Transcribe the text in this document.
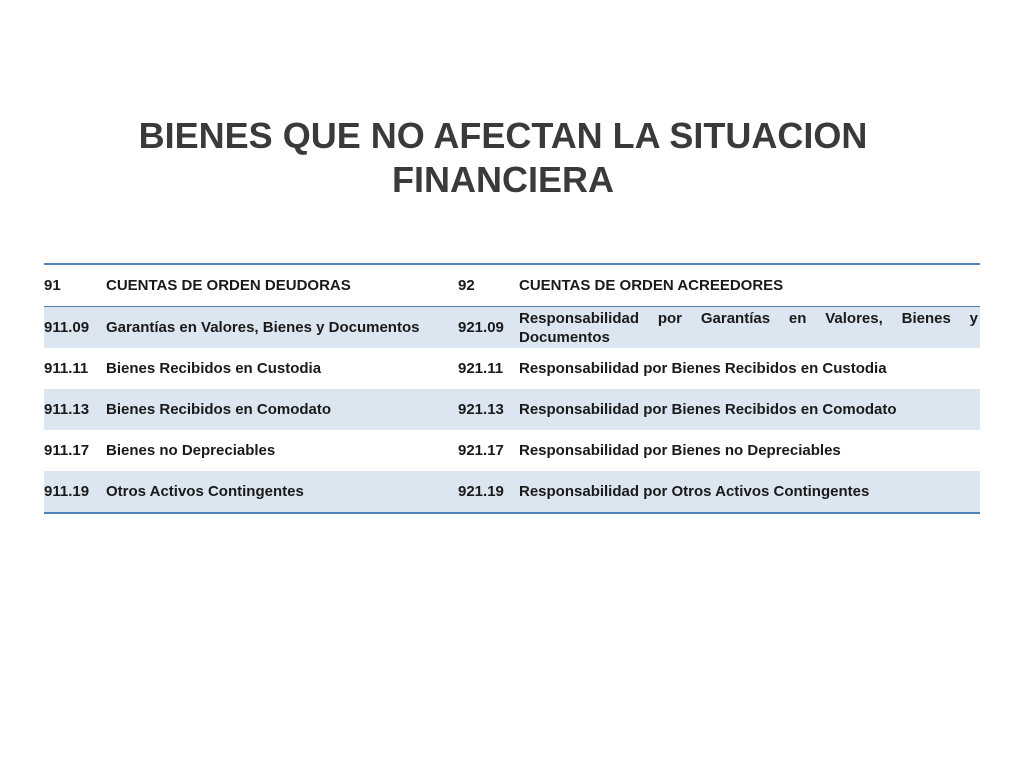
BIENES QUE NO AFECTAN LA SITUACION FINANCIERA
91	CUENTAS DE ORDEN DEUDORAS	92	CUENTAS DE ORDEN ACREEDORES
911.09	Garantías en Valores, Bienes y Documentos	921.09	Responsabilidad por Garantías en Valores, Bienes y Documentos
911.11	Bienes Recibidos en Custodia	921.11	Responsabilidad por Bienes Recibidos en Custodia
911.13	Bienes Recibidos en Comodato	921.13	Responsabilidad por Bienes Recibidos en Comodato
911.17	Bienes no Depreciables	921.17	Responsabilidad por Bienes no Depreciables
911.19	Otros Activos Contingentes	921.19	Responsabilidad por Otros Activos Contingentes
